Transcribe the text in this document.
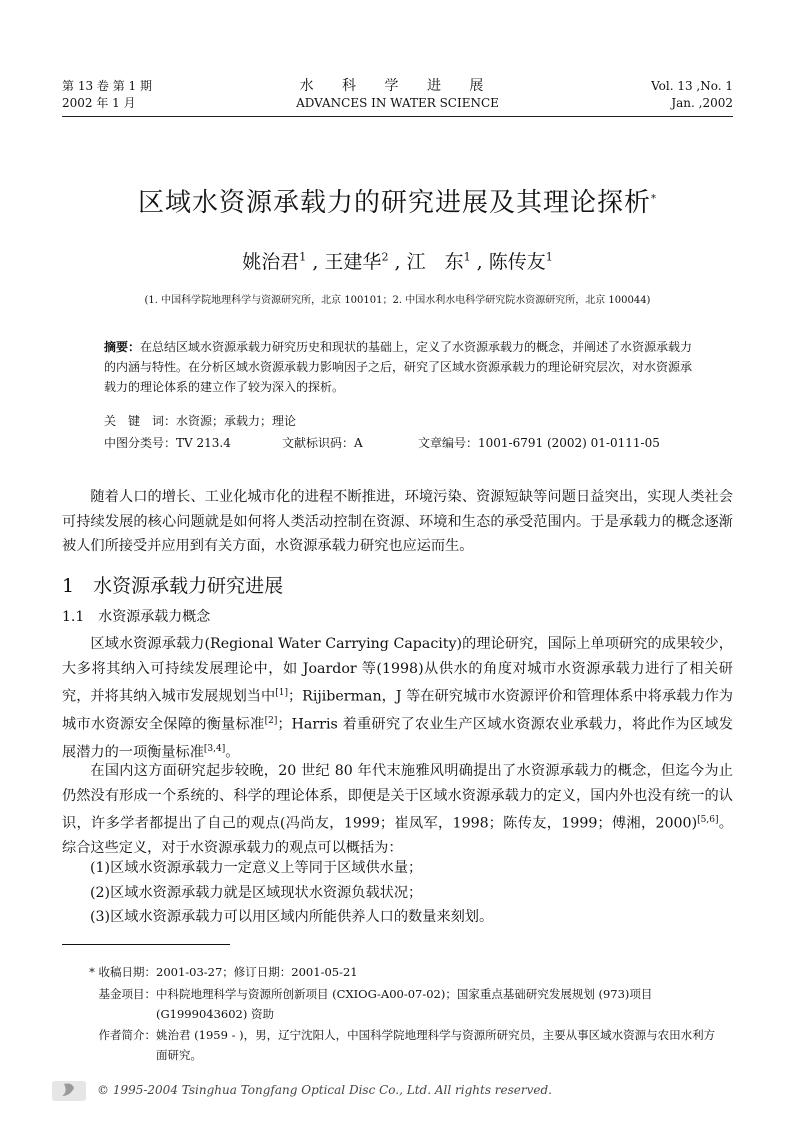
第 13 卷 第 1 期
2002 年 1 月
水 科 学 进 展
ADVANCES IN WATER SCIENCE
Vol. 13 ,No. 1
Jan. ,2002
区域水资源承载力的研究进展及其理论探析*
姚治君$^1$ , 王建华$^2$ , 江　东$^1$ , 陈传友$^1$
(1. 中国科学院地理科学与资源研究所，北京 100101；2. 中国水利水电科学研究院水资源研究所，北京 100044)
摘要：在总结区域水资源承载力研究历史和现状的基础上，定义了水资源承载力的概念，并阐述了水资源承载力的内涵与特性。在分析区域水资源承载力影响因子之后，研究了区域水资源承载力的理论研究层次，对水资源承载力的理论体系的建立作了较为深入的探析。
关　键　词：水资源；承载力；理论
中图分类号：TV 213.4	文献标识码：A	文章编号：1001-6791 (2002) 01-0111-05

随着人口的增长、工业化城市化的进程不断推进，环境污染、资源短缺等问题日益突出，实现人类社会可持续发展的核心问题就是如何将人类活动控制在资源、环境和生态的承受范围内。于是承载力的概念逐渐被人们所接受并应用到有关方面，水资源承载力研究也应运而生。

1　水资源承载力研究进展
1.1　水资源承载力概念

区域水资源承载力(Regional Water Carrying Capacity)的理论研究，国际上单项研究的成果较少，大多将其纳入可持续发展理论中，如 Joardor 等(1998)从供水的角度对城市水资源承载力进行了相关研究，并将其纳入城市发展规划当中[1]；Rijiberman，J 等在研究城市水资源评价和管理体系中将承载力作为城市水资源安全保障的衡量标准[2]；Harris 着重研究了农业生产区域水资源农业承载力，将此作为区域发展潜力的一项衡量标准[3,4]。

在国内这方面研究起步较晚，20 世纪 80 年代末施雅风明确提出了水资源承载力的概念，但迄今为止仍然没有形成一个系统的、科学的理论体系，即便是关于区域水资源承载力的定义，国内外也没有统一的认识，许多学者都提出了自己的观点(冯尚友，1999；崔凤军，1998；陈传友，1999；傅湘，2000)[5,6]。综合这些定义，对于水资源承载力的观点可以概括为：

(1)区域水资源承载力一定意义上等同于区域供水量；
(2)区域水资源承载力就是区域现状水资源负载状况；
(3)区域水资源承载力可以用区域内所能供养人口的数量来刻划。
* 收稿日期：2001-03-27；修订日期：2001-05-21
基金项目：中科院地理科学与资源所创新项目 (CXIOG-A00-07-02)；国家重点基础研究发展规划 (973)项目 (G1999043602) 资助
作者简介：姚治君 (1959 - )，男，辽宁沈阳人，中国科学院地理科学与资源所研究员，主要从事区域水资源与农田水利方面研究。
© 1995-2004 Tsinghua Tongfang Optical Disc Co., Ltd. All rights reserved.
